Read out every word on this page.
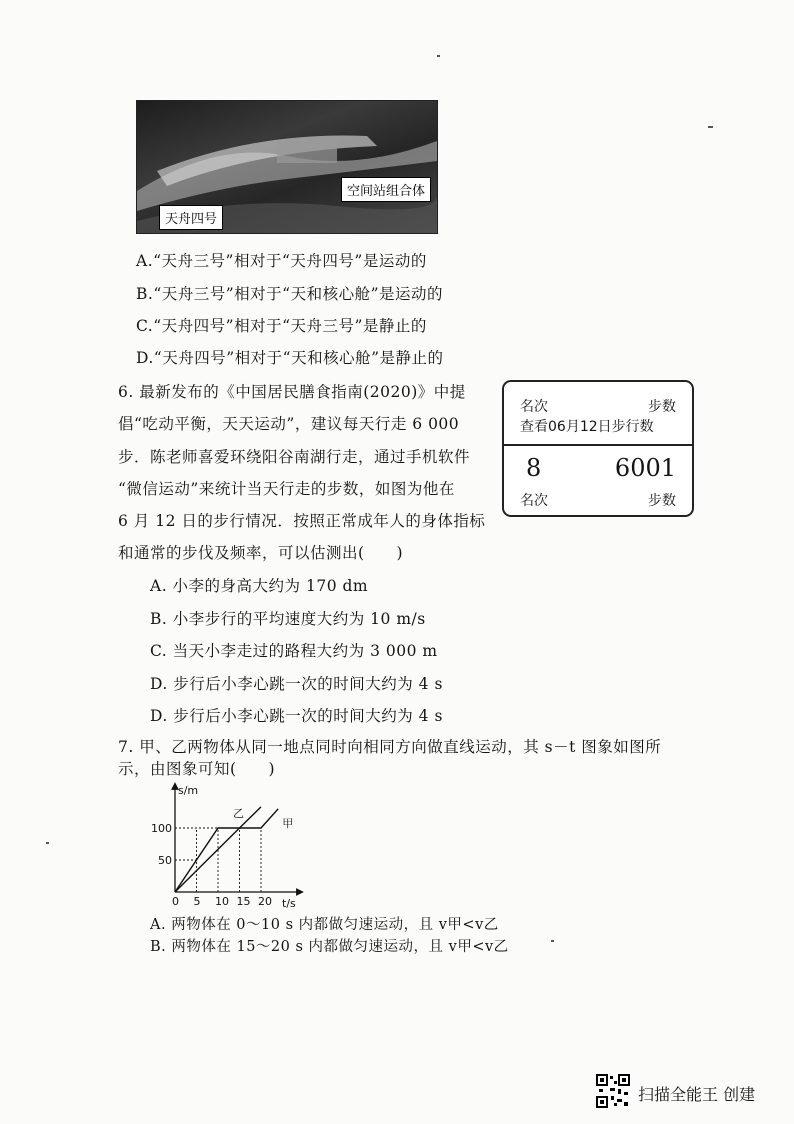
空间站组合体
天舟四号
A.“天舟三号”相对于“天舟四号”是运动的
B.“天舟三号”相对于“天和核心舱”是运动的
C.“天舟四号”相对于“天舟三号”是静止的
D.“天舟四号”相对于“天和核心舱”是静止的
6. 最新发布的《中国居民膳食指南(2020)》中提
倡“吃动平衡，天天运动”，建议每天行走 6 000
步．陈老师喜爱环绕阳谷南湖行走，通过手机软件
“微信运动”来统计当天行走的步数，如图为他在
6 月 12 日的步行情况．按照正常成年人的身体指标
和通常的步伐及频率，可以估测出(　　)
名次	步数
查看06月12日步行数
8	6001
名次	步数
A. 小李的身高大约为 170 dm
B. 小李步行的平均速度大约为 10 m/s
C. 当天小李走过的路程大约为 3 000 m
D. 步行后小李心跳一次的时间大约为 4 s
D. 步行后小李心跳一次的时间大约为 4 s
7. 甲、乙两物体从同一地点同时向相同方向做直线运动，其 s－t 图象如图所
示，由图象可知(　　)
s/m
t/s
0 5 10 15 20
50
100	甲
乙
A. 两物体在 0～10 s 内都做匀速运动，且 v甲<v乙
B. 两物体在 15～20 s 内都做匀速运动，且 v甲<v乙
扫描全能王 创建
